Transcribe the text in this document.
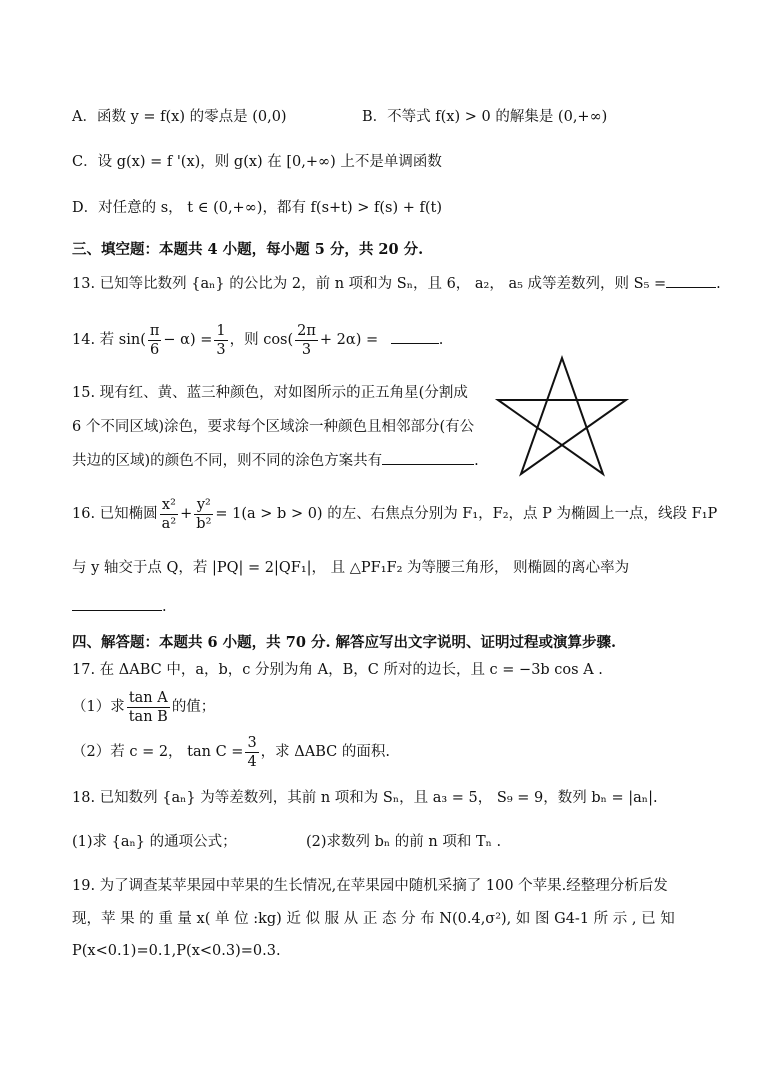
A．函数 y = f(x) 的零点是 (0,0)	B．不等式 f(x) > 0 的解集是 (0,+∞)
C．设 g(x) = f '(x)，则 g(x) 在 [0,+∞) 上不是单调函数
D．对任意的 s， t ∈ (0,+∞)，都有 f(s+t) > f(s) + f(t)
三、填空题：本题共 4 小题，每小题 5 分，共 20 分.
13. 已知等比数列 {aₙ} 的公比为 2，前 n 项和为 Sₙ，且 6， a₂， a₅ 成等差数列，则 S₅ =	.
14. 若 $\sin( \frac{\pi}{6} - \alpha) = \frac{1}{3}$ ，则 $\cos( \frac{2\pi}{3} + 2\alpha)$ =	.
15. 现有红、黄、蓝三种颜色，对如图所示的正五角星(分割成
6 个不同区域)涂色，要求每个区域涂一种颜色且相邻部分(有公
共边的区域)的颜色不同，则不同的涂色方案共有	.
16. 已知椭圆 $\frac{\text{x²}}{\text{a²}} + \frac{\text{y²}}{\text{b²}} = 1(a > b > 0)$ 的左、右焦点分别为 F₁，F₂，点 P 为椭圆上一点，线段 F₁P
与 y 轴交于点 Q，若 |PQ| = 2|QF₁|， 且 △PF₁F₂ 为等腰三角形， 则椭圆的离心率为
.
四、解答题：本题共 6 小题，共 70 分. 解答应写出文字说明、证明过程或演算步骤.
17. 在 ΔABC 中，a，b，c 分别为角 A，B，C 所对的边长，且 c = −3b cos A .
（1）求 $\frac{\text{tan A}}{\text{tan B}}$ 的值；
（2）若 c = 2， $\tan C = \frac{3}{4}$ ，求 ΔABC 的面积.
18. 已知数列 {aₙ} 为等差数列，其前 n 项和为 Sₙ，且 a₃ = 5， S₉ = 9，数列 bₙ = |aₙ|.
(1)求 {aₙ} 的通项公式；	(2)求数列 bₙ 的前 n 项和 Tₙ .
19. 为了调查某苹果园中苹果的生长情况,在苹果园中随机采摘了 100 个苹果.经整理分析后发
现，苹 果 的 重 量 x( 单 位 :kg) 近 似 服 从 正 态 分 布 N(0.4,σ²), 如 图 G4-1 所 示 , 已 知
P(x<0.1)=0.1,P(x<0.3)=0.3.
